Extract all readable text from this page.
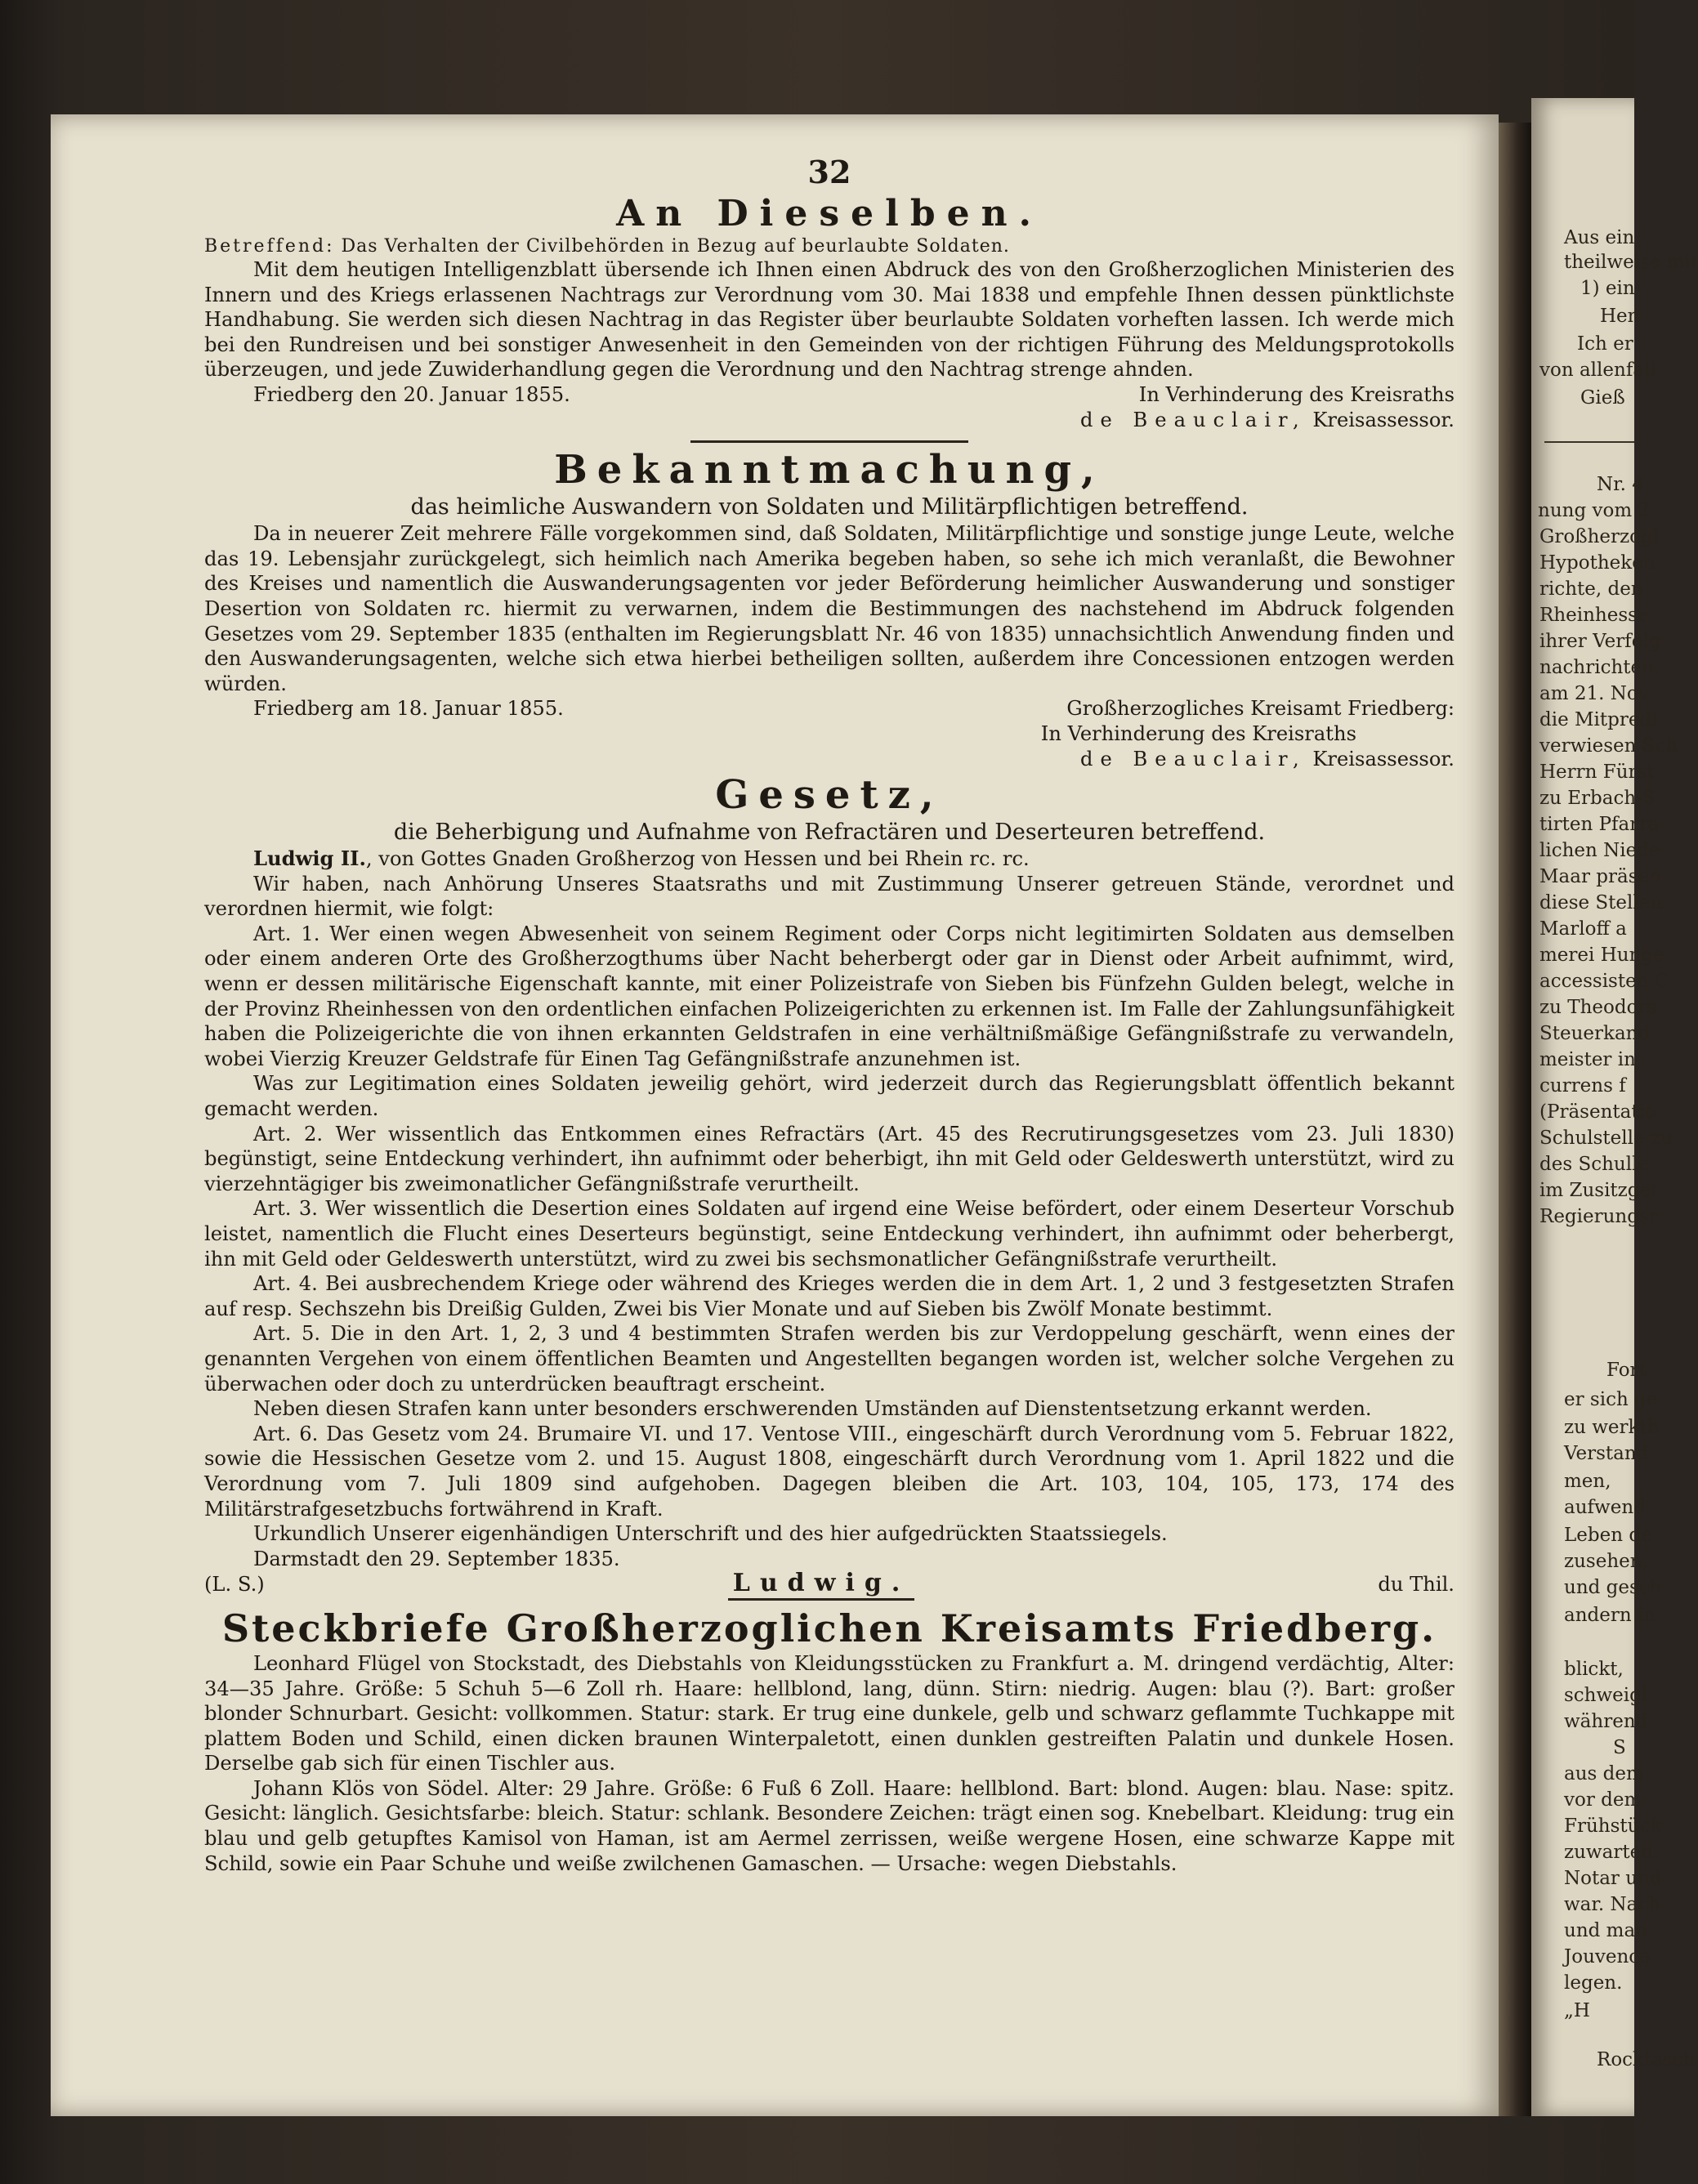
Aus ein
theilweise mit
1) ein
Hen
Ich er
von allenfall
Gieß
Nr. 4
nung vom 2.
Großherzogl
Hypotheken
richte, den
Rheinhesse
ihrer Verfolg
nachrichten.
am 21. Nov
die Mitpredi
verwiesen Sch
Herrn Fürst
zu Erbach-S
tirten Pfarra
lichen Niede
Maar präsen
diese Stellen
Marloff a
merei Hunge
accessisten C
zu Theodors
Steuerkand
meister in
currens f
(Präsentatio
Schulstelle zu
des Schulle
im Zusitzget
Regierungsr
Fort
er sich ge
zu werkth
Verstand
men,
aufwend
Leben de
zusehen,
und gesch
andern in
blickt,
schweigl
während
S
aus dem
vor dem
Frühstück
zuwarten.
Notar und
war. Nach
und man
Jouvence
legen.
„H
Rocktasch
32
An Dieselben.
Betreffend: Das Verhalten der Civilbehörden in Bezug auf beurlaubte Soldaten.

Mit dem heutigen Intelligenzblatt übersende ich Ihnen einen Abdruck des von den Großherzoglichen Ministerien des Innern und des Kriegs erlassenen Nachtrags zur Verordnung vom 30. Mai 1838 und empfehle Ihnen dessen pünktlichste Handhabung. Sie werden sich diesen Nachtrag in das Register über beurlaubte Soldaten vorheften lassen. Ich werde mich bei den Rundreisen und bei sonstiger Anwesenheit in den Gemeinden von der richtigen Führung des Meldungsprotokolls überzeugen, und jede Zuwiderhandlung gegen die Verordnung und den Nachtrag strenge ahnden.

Friedberg den 20. Januar 1855.	In Verhinderung des Kreisraths
de Beauclair, Kreisassessor.
Bekanntmachung,
das heimliche Auswandern von Soldaten und Militärpflichtigen betreffend.

Da in neuerer Zeit mehrere Fälle vorgekommen sind, daß Soldaten, Militärpflichtige und sonstige junge Leute, welche das 19. Lebensjahr zurückgelegt, sich heimlich nach Amerika begeben haben, so sehe ich mich veranlaßt, die Bewohner des Kreises und namentlich die Auswanderungsagenten vor jeder Beförderung heimlicher Auswanderung und sonstiger Desertion von Soldaten rc. hiermit zu verwarnen, indem die Bestimmungen des nachstehend im Abdruck folgenden Gesetzes vom 29. September 1835 (enthalten im Regierungsblatt Nr. 46 von 1835) unnachsichtlich Anwendung finden und den Auswanderungsagenten, welche sich etwa hierbei betheiligen sollten, außerdem ihre Concessionen entzogen werden würden.

Friedberg am 18. Januar 1855.	Großherzogliches Kreisamt Friedberg:
In Verhinderung des Kreisraths
de Beauclair, Kreisassessor.
Gesetz,
die Beherbigung und Aufnahme von Refractären und Deserteuren betreffend.

Ludwig II., von Gottes Gnaden Großherzog von Hessen und bei Rhein rc. rc.

Wir haben, nach Anhörung Unseres Staatsraths und mit Zustimmung Unserer getreuen Stände, verordnet und verordnen hiermit, wie folgt:

Art. 1. Wer einen wegen Abwesenheit von seinem Regiment oder Corps nicht legitimirten Soldaten aus demselben oder einem anderen Orte des Großherzogthums über Nacht beherbergt oder gar in Dienst oder Arbeit aufnimmt, wird, wenn er dessen militärische Eigenschaft kannte, mit einer Polizeistrafe von Sieben bis Fünfzehn Gulden belegt, welche in der Provinz Rheinhessen von den ordentlichen einfachen Polizeigerichten zu erkennen ist. Im Falle der Zahlungsunfähigkeit haben die Polizeigerichte die von ihnen erkannten Geldstrafen in eine verhältnißmäßige Gefängnißstrafe zu verwandeln, wobei Vierzig Kreuzer Geldstrafe für Einen Tag Gefängnißstrafe anzunehmen ist.

Was zur Legitimation eines Soldaten jeweilig gehört, wird jederzeit durch das Regierungsblatt öffentlich bekannt gemacht werden.

Art. 2. Wer wissentlich das Entkommen eines Refractärs (Art. 45 des Recrutirungsgesetzes vom 23. Juli 1830) begünstigt, seine Entdeckung verhindert, ihn aufnimmt oder beherbigt, ihn mit Geld oder Geldeswerth unterstützt, wird zu vierzehntägiger bis zweimonatlicher Gefängnißstrafe verurtheilt.

Art. 3. Wer wissentlich die Desertion eines Soldaten auf irgend eine Weise befördert, oder einem Deserteur Vorschub leistet, namentlich die Flucht eines Deserteurs begünstigt, seine Entdeckung verhindert, ihn aufnimmt oder beherbergt, ihn mit Geld oder Geldeswerth unterstützt, wird zu zwei bis sechsmonatlicher Gefängnißstrafe verurtheilt.

Art. 4. Bei ausbrechendem Kriege oder während des Krieges werden die in dem Art. 1, 2 und 3 festgesetzten Strafen auf resp. Sechszehn bis Dreißig Gulden, Zwei bis Vier Monate und auf Sieben bis Zwölf Monate bestimmt.

Art. 5. Die in den Art. 1, 2, 3 und 4 bestimmten Strafen werden bis zur Verdoppelung geschärft, wenn eines der genannten Vergehen von einem öffentlichen Beamten und Angestellten begangen worden ist, welcher solche Vergehen zu überwachen oder doch zu unterdrücken beauftragt erscheint.

Neben diesen Strafen kann unter besonders erschwerenden Umständen auf Dienstentsetzung erkannt werden.

Art. 6. Das Gesetz vom 24. Brumaire VI. und 17. Ventose VIII., eingeschärft durch Verordnung vom 5. Februar 1822, sowie die Hessischen Gesetze vom 2. und 15. August 1808, eingeschärft durch Verordnung vom 1. April 1822 und die Verordnung vom 7. Juli 1809 sind aufgehoben. Dagegen bleiben die Art. 103, 104, 105, 173, 174 des Militärstrafgesetzbuchs fortwährend in Kraft.

Urkundlich Unserer eigenhändigen Unterschrift und des hier aufgedrückten Staatssiegels.

Darmstadt den 29. September 1835.

(L. S.)	Ludwig.	du Thil.
Steckbriefe Großherzoglichen Kreisamts Friedberg.

Leonhard Flügel von Stockstadt, des Diebstahls von Kleidungsstücken zu Frankfurt a. M. dringend verdächtig, Alter: 34—35 Jahre. Größe: 5 Schuh 5—6 Zoll rh. Haare: hellblond, lang, dünn. Stirn: niedrig. Augen: blau (?). Bart: großer blonder Schnurbart. Gesicht: vollkommen. Statur: stark. Er trug eine dunkele, gelb und schwarz geflammte Tuchkappe mit plattem Boden und Schild, einen dicken braunen Winterpaletott, einen dunklen gestreiften Palatin und dunkele Hosen. Derselbe gab sich für einen Tischler aus.

Johann Klös von Södel. Alter: 29 Jahre. Größe: 6 Fuß 6 Zoll. Haare: hellblond. Bart: blond. Augen: blau. Nase: spitz. Gesicht: länglich. Gesichtsfarbe: bleich. Statur: schlank. Besondere Zeichen: trägt einen sog. Knebelbart. Kleidung: trug ein blau und gelb getupftes Kamisol von Haman, ist am Aermel zerrissen, weiße wergene Hosen, eine schwarze Kappe mit Schild, sowie ein Paar Schuhe und weiße zwilchenen Gamaschen. — Ursache: wegen Diebstahls.
